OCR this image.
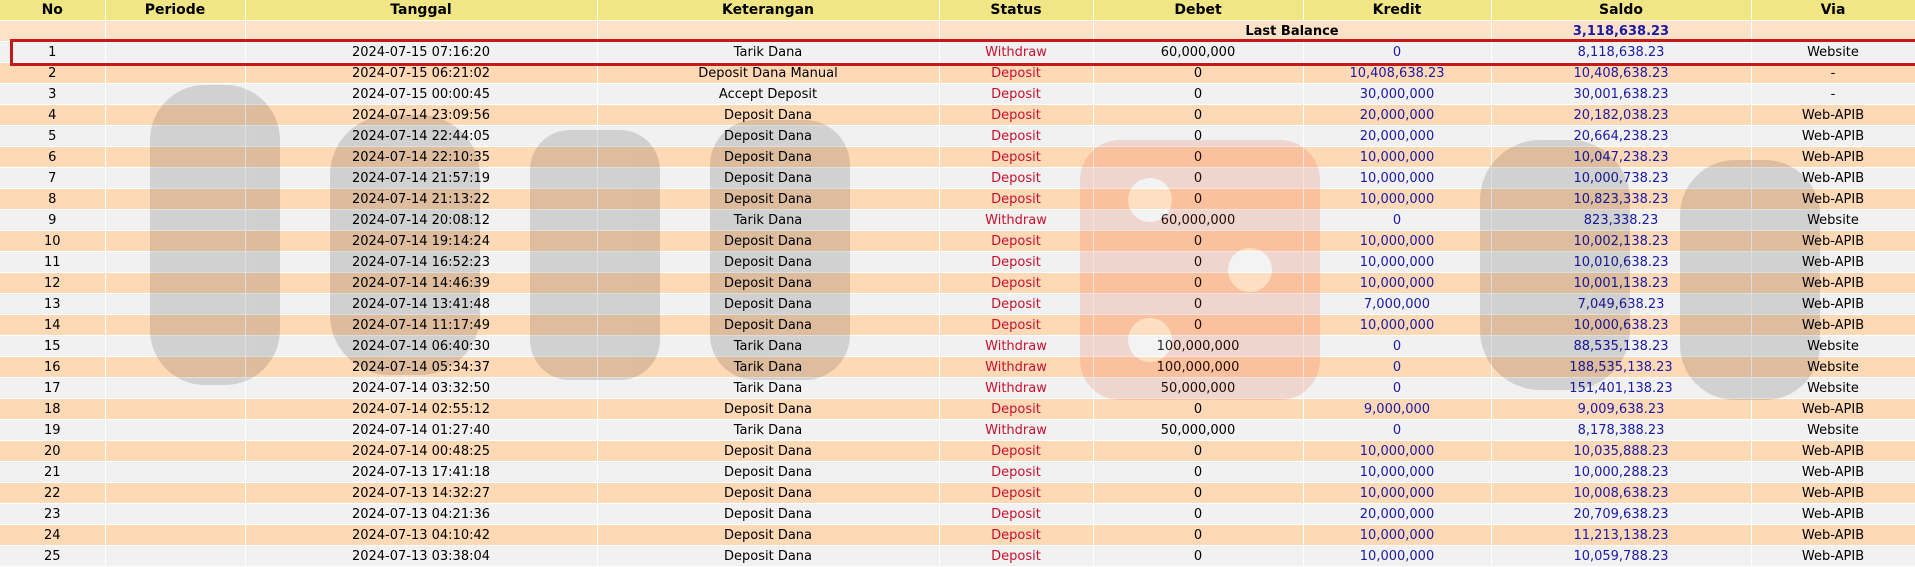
No	Periode	Tanggal	Keterangan	Status	Debet	Kredit	Saldo	Via
					Last Balance		3,118,638.23	
1		2024-07-15 07:16:20	Tarik Dana	Withdraw	60,000,000	0	8,118,638.23	Website
2		2024-07-15 06:21:02	Deposit Dana Manual	Deposit	0	10,408,638.23	10,408,638.23	-
3		2024-07-15 00:00:45	Accept Deposit	Deposit	0	30,000,000	30,001,638.23	-
4		2024-07-14 23:09:56	Deposit Dana	Deposit	0	20,000,000	20,182,038.23	Web-APIB
5		2024-07-14 22:44:05	Deposit Dana	Deposit	0	20,000,000	20,664,238.23	Web-APIB
6		2024-07-14 22:10:35	Deposit Dana	Deposit	0	10,000,000	10,047,238.23	Web-APIB
7		2024-07-14 21:57:19	Deposit Dana	Deposit	0	10,000,000	10,000,738.23	Web-APIB
8		2024-07-14 21:13:22	Deposit Dana	Deposit	0	10,000,000	10,823,338.23	Web-APIB
9		2024-07-14 20:08:12	Tarik Dana	Withdraw	60,000,000	0	823,338.23	Website
10		2024-07-14 19:14:24	Deposit Dana	Deposit	0	10,000,000	10,002,138.23	Web-APIB
11		2024-07-14 16:52:23	Deposit Dana	Deposit	0	10,000,000	10,010,638.23	Web-APIB
12		2024-07-14 14:46:39	Deposit Dana	Deposit	0	10,000,000	10,001,138.23	Web-APIB
13		2024-07-14 13:41:48	Deposit Dana	Deposit	0	7,000,000	7,049,638.23	Web-APIB
14		2024-07-14 11:17:49	Deposit Dana	Deposit	0	10,000,000	10,000,638.23	Web-APIB
15		2024-07-14 06:40:30	Tarik Dana	Withdraw	100,000,000	0	88,535,138.23	Website
16		2024-07-14 05:34:37	Tarik Dana	Withdraw	100,000,000	0	188,535,138.23	Website
17		2024-07-14 03:32:50	Tarik Dana	Withdraw	50,000,000	0	151,401,138.23	Website
18		2024-07-14 02:55:12	Deposit Dana	Deposit	0	9,000,000	9,009,638.23	Web-APIB
19		2024-07-14 01:27:40	Tarik Dana	Withdraw	50,000,000	0	8,178,388.23	Website
20		2024-07-14 00:48:25	Deposit Dana	Deposit	0	10,000,000	10,035,888.23	Web-APIB
21		2024-07-13 17:41:18	Deposit Dana	Deposit	0	10,000,000	10,000,288.23	Web-APIB
22		2024-07-13 14:32:27	Deposit Dana	Deposit	0	10,000,000	10,008,638.23	Web-APIB
23		2024-07-13 04:21:36	Deposit Dana	Deposit	0	20,000,000	20,709,638.23	Web-APIB
24		2024-07-13 04:10:42	Deposit Dana	Deposit	0	10,000,000	11,213,138.23	Web-APIB
25		2024-07-13 03:38:04	Deposit Dana	Deposit	0	10,000,000	10,059,788.23	Web-APIB
